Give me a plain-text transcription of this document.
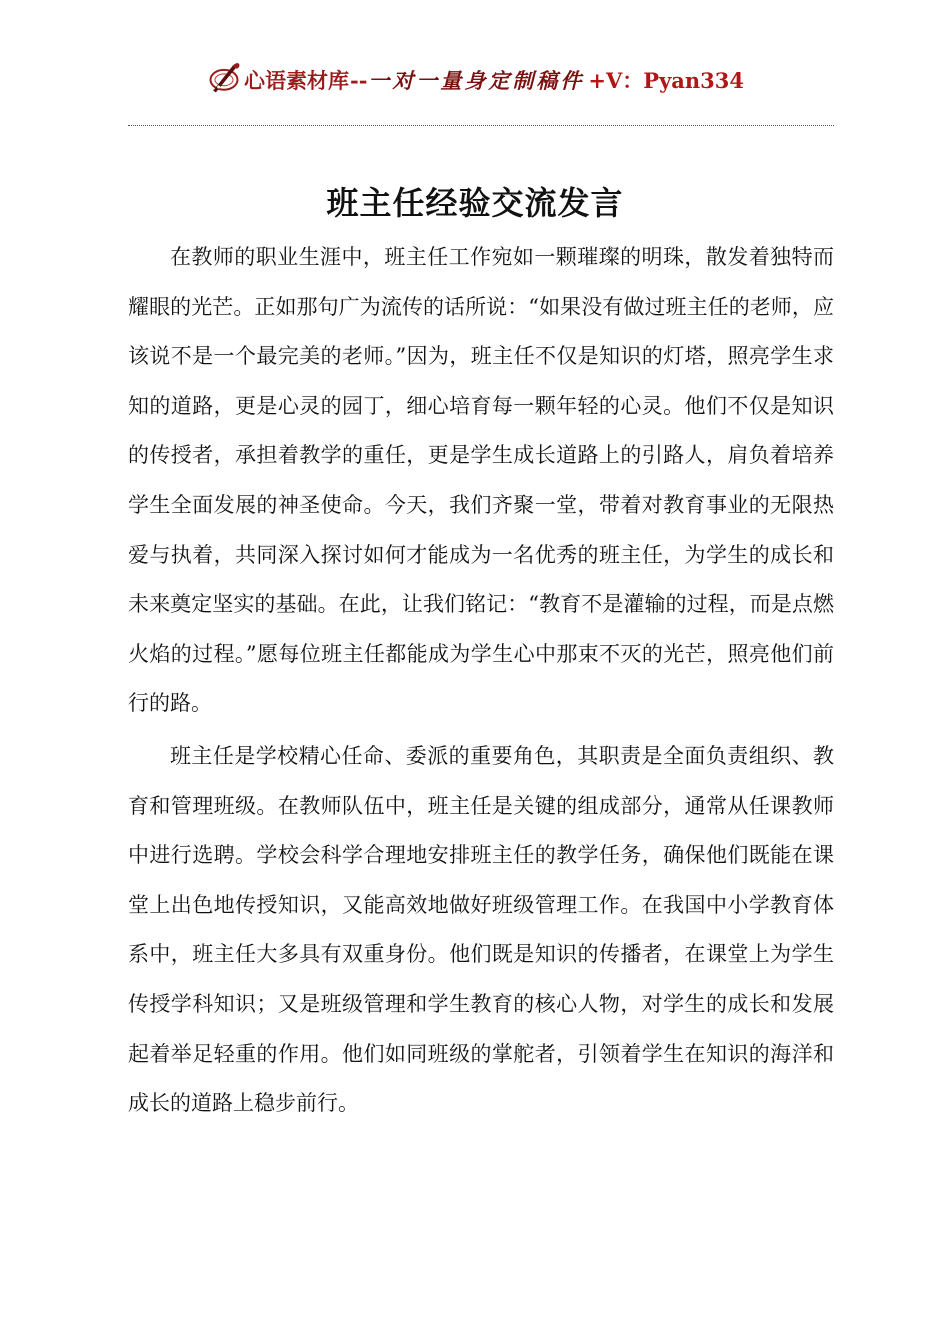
心语素材库 -- 一对一量身定制稿件 +V：Pyan334
班主任经验交流发言

在教师的职业生涯中，班主任工作宛如一颗璀璨的明珠，散发着独特而耀眼的光芒。正如那句广为流传的话所说：“如果没有做过班主任的老师，应该说不是一个最完美的老师。”因为，班主任不仅是知识的灯塔，照亮学生求知的道路，更是心灵的园丁，细心培育每一颗年轻的心灵。他们不仅是知识的传授者，承担着教学的重任，更是学生成长道路上的引路人，肩负着培养学生全面发展的神圣使命。今天，我们齐聚一堂，带着对教育事业的无限热爱与执着，共同深入探讨如何才能成为一名优秀的班主任，为学生的成长和未来奠定坚实的基础。在此，让我们铭记：“教育不是灌输的过程，而是点燃火焰的过程。”愿每位班主任都能成为学生心中那束不灭的光芒，照亮他们前行的路。

班主任是学校精心任命、委派的重要角色，其职责是全面负责组织、教育和管理班级。在教师队伍中，班主任是关键的组成部分，通常从任课教师中进行选聘。学校会科学合理地安排班主任的教学任务，确保他们既能在课堂上出色地传授知识，又能高效地做好班级管理工作。在我国中小学教育体系中，班主任大多具有双重身份。他们既是知识的传播者，在课堂上为学生传授学科知识；又是班级管理和学生教育的核心人物，对学生的成长和发展起着举足轻重的作用。他们如同班级的掌舵者，引领着学生在知识的海洋和成长的道路上稳步前行。
